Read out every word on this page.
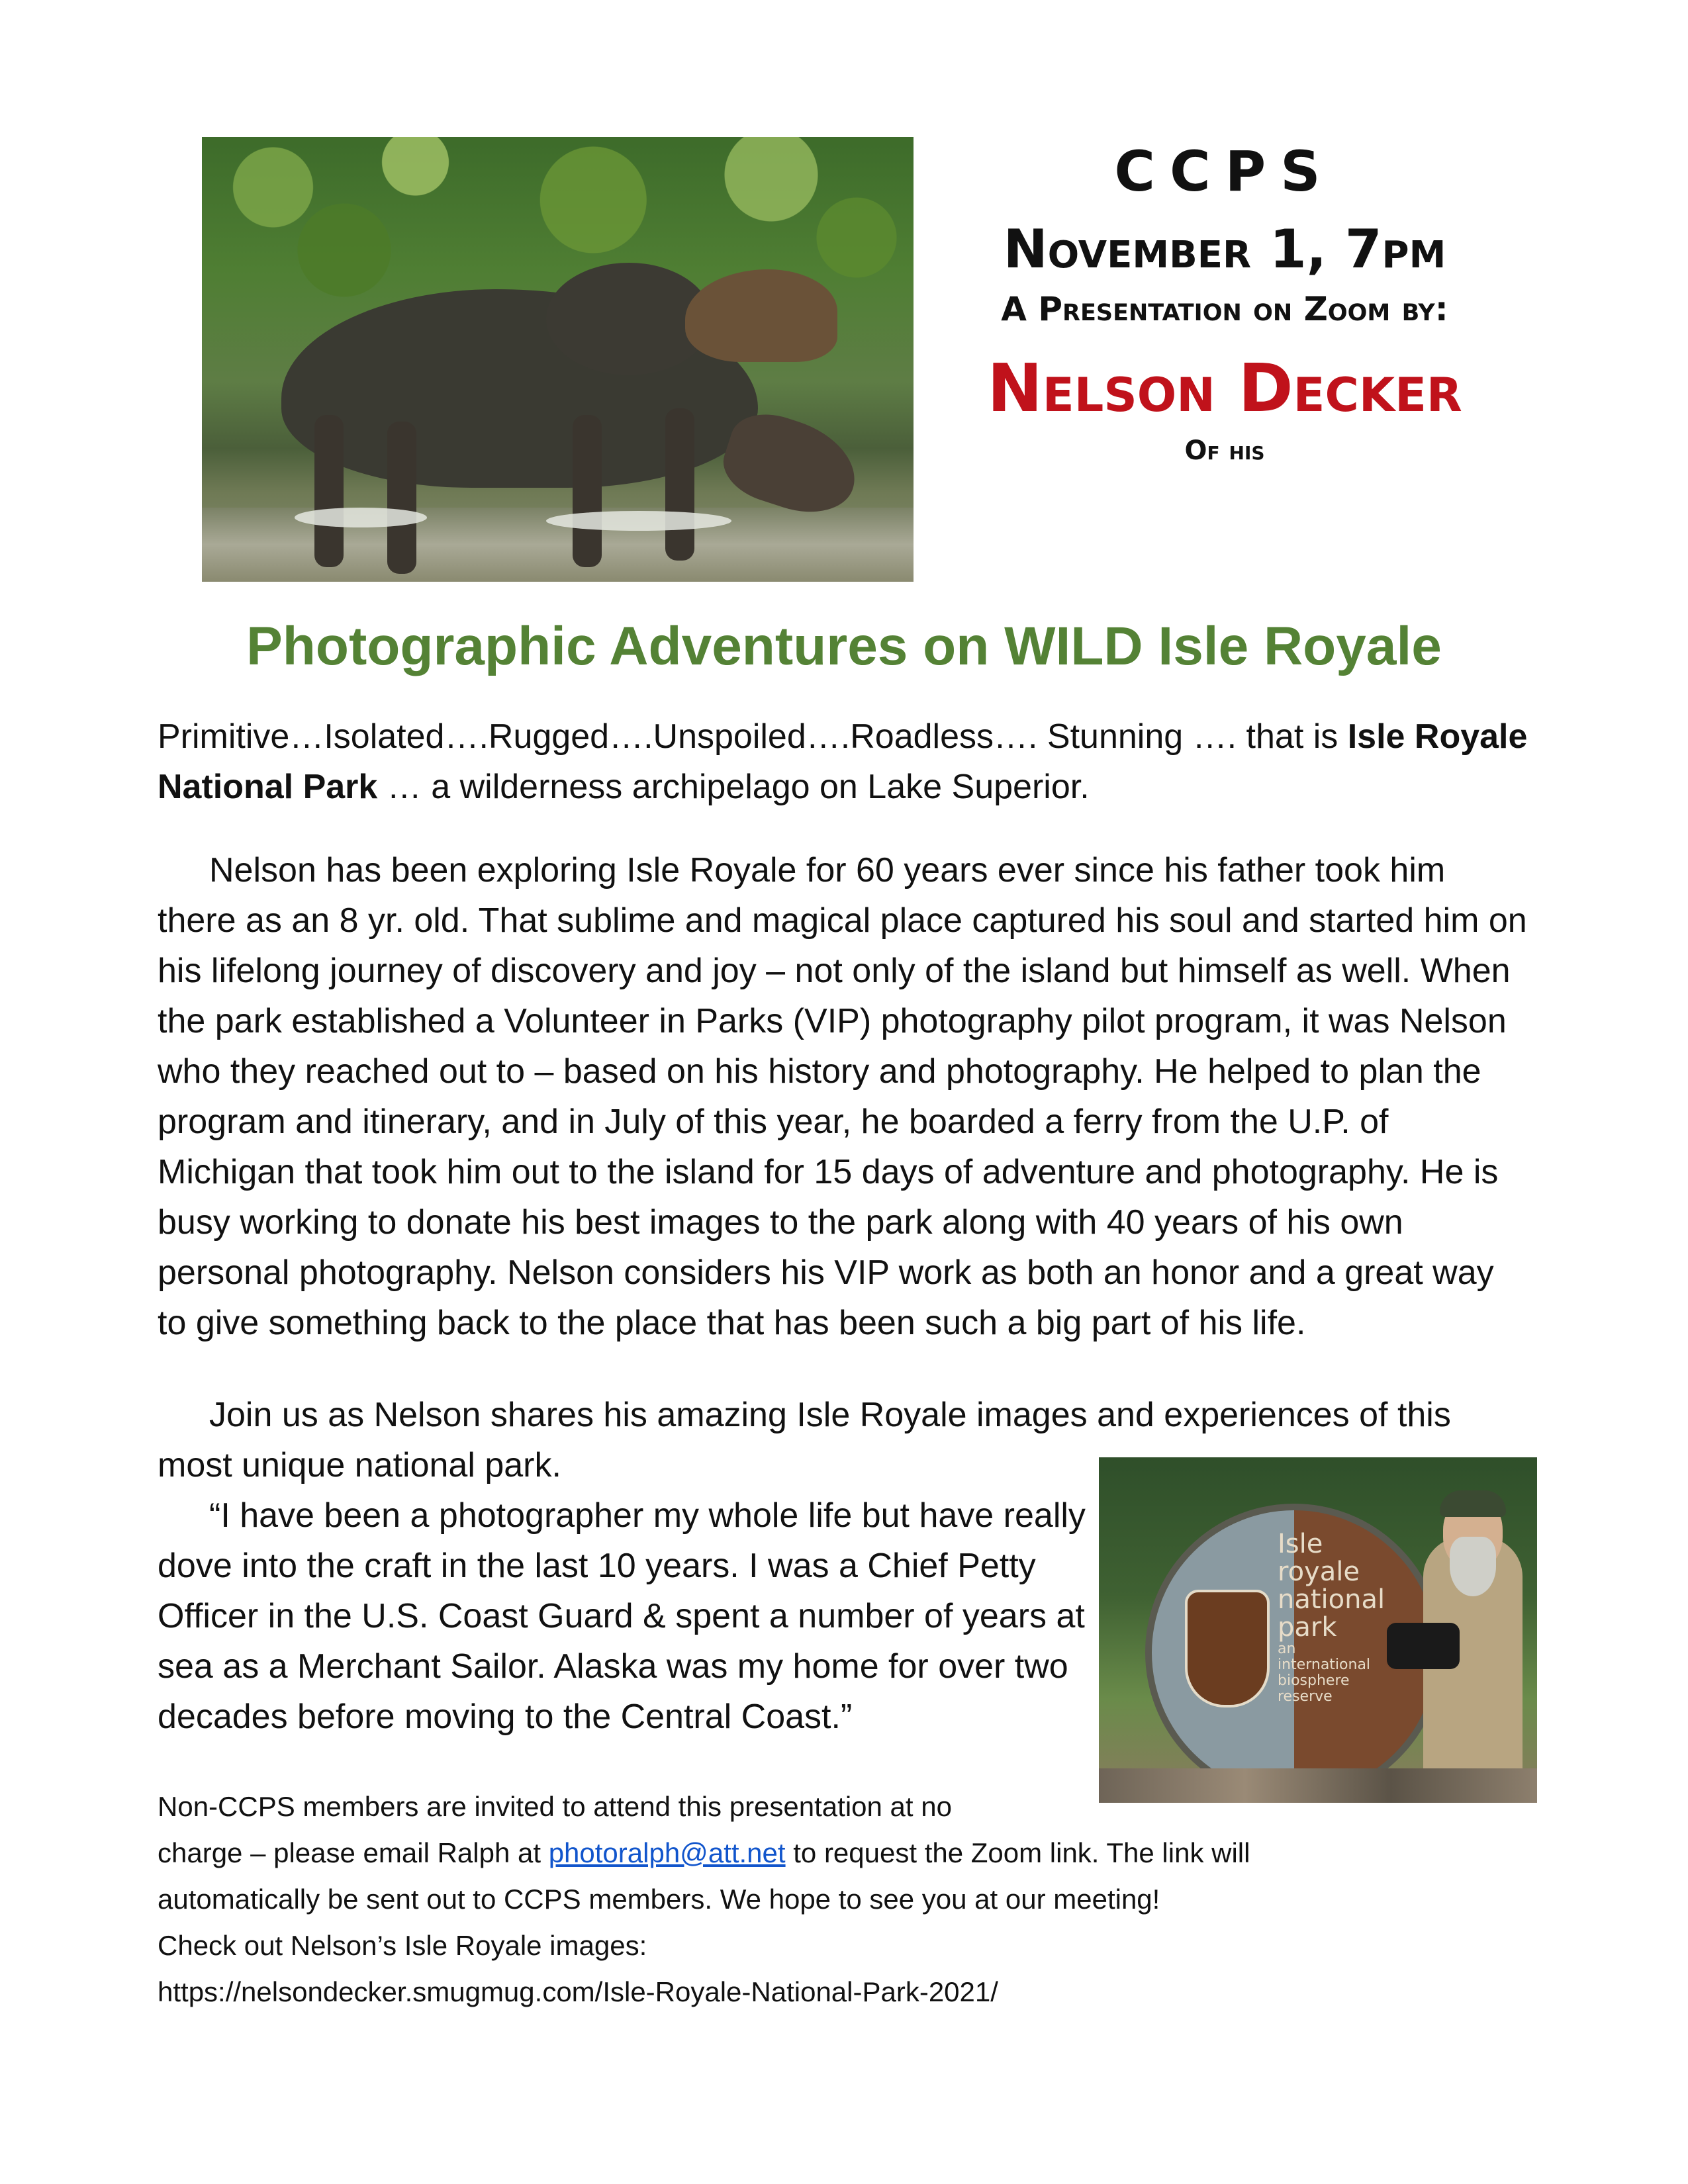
CCPS
November 1, 7pm
A Presentation on Zoom by:
Nelson Decker
Of his
Photographic Adventures on WILD Isle Royale
Primitive…Isolated….Rugged….Unspoiled….Roadless…. Stunning …. that is Isle Royale National Park … a wilderness archipelago on Lake Superior.
Nelson has been exploring Isle Royale for 60 years ever since his father took him there as an 8 yr. old. That sublime and magical place captured his soul and started him on his lifelong journey of discovery and joy – not only of the island but himself as well. When the park established a Volunteer in Parks (VIP) photography pilot program, it was Nelson who they reached out to – based on his history and photography. He helped to plan the program and itinerary, and in July of this year, he boarded a ferry from the U.P. of Michigan that took him out to the island for 15 days of adventure and photography. He is busy working to donate his best images to the park along with 40 years of his own personal photography. Nelson considers his VIP work as both an honor and a great way to give something back to the place that has been such a big part of his life.
Join us as Nelson shares his amazing Isle Royale images and experiences of this most unique national park.
“I have been a photographer my whole life but have really dove into the craft in the last 10 years. I was a Chief Petty Officer in the U.S. Coast Guard & spent a number of years at sea as a Merchant Sailor. Alaska was my home for over two decades before moving to the Central Coast.”
Isle
royale
national
park
an
international
biosphere
reserve
Non-CCPS members are invited to attend this presentation at no
charge – please email Ralph at photoralph@att.net to request the Zoom link. The link will
automatically be sent out to CCPS members. We hope to see you at our meeting!
Check out Nelson’s Isle Royale images:
https://nelsondecker.smugmug.com/Isle-Royale-National-Park-2021/
